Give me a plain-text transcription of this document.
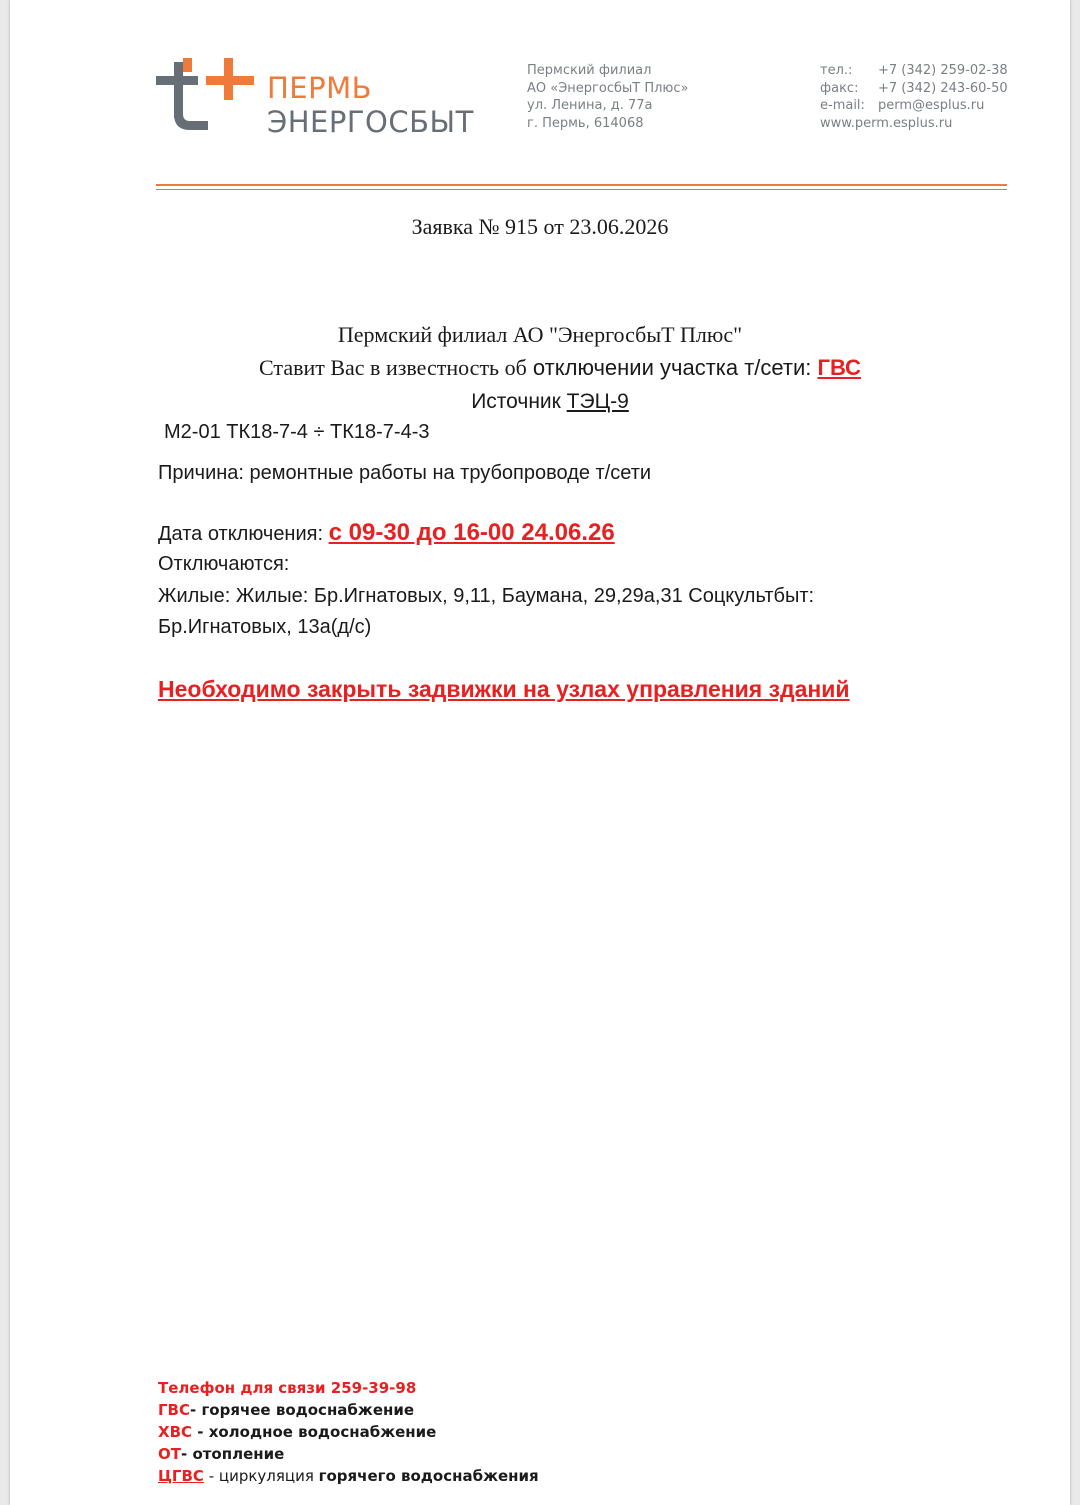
ПЕРМЬ
ЭНЕРГОСБЫТ
Пермский филиал
АО «ЭнергосбыТ Плюс»
ул. Ленина, д. 77а
г. Пермь, 614068
тел.:
факс:
e-mail:
www.perm.esplus.ru
+7 (342) 259-02-38
+7 (342) 243-60-50
perm@esplus.ru
Заявка № 915 от 23.06.2026
Пермский филиал АО "ЭнергосбыТ Плюс"
Ставит Вас в известность об отключении участка т/сети: ГВС
Источник ТЭЦ-9
М2-01 ТК18-7-4 ÷ ТК18-7-4-3
Причина: ремонтные работы на трубопроводе т/сети
Дата отключения: с 09-30 до 16-00 24.06.26
Отключаются:
Жилые: Жилые: Бр.Игнатовых, 9,11, Баумана, 29,29а,31 Соцкультбыт:
Бр.Игнатовых, 13а(д/с)
Необходимо закрыть задвижки на узлах управления зданий
Телефон для связи 259-39-98
ГВС- горячее водоснабжение
ХВС - холодное водоснабжение
ОТ- отопление
ЦГВС - циркуляция горячего водоснабжения
